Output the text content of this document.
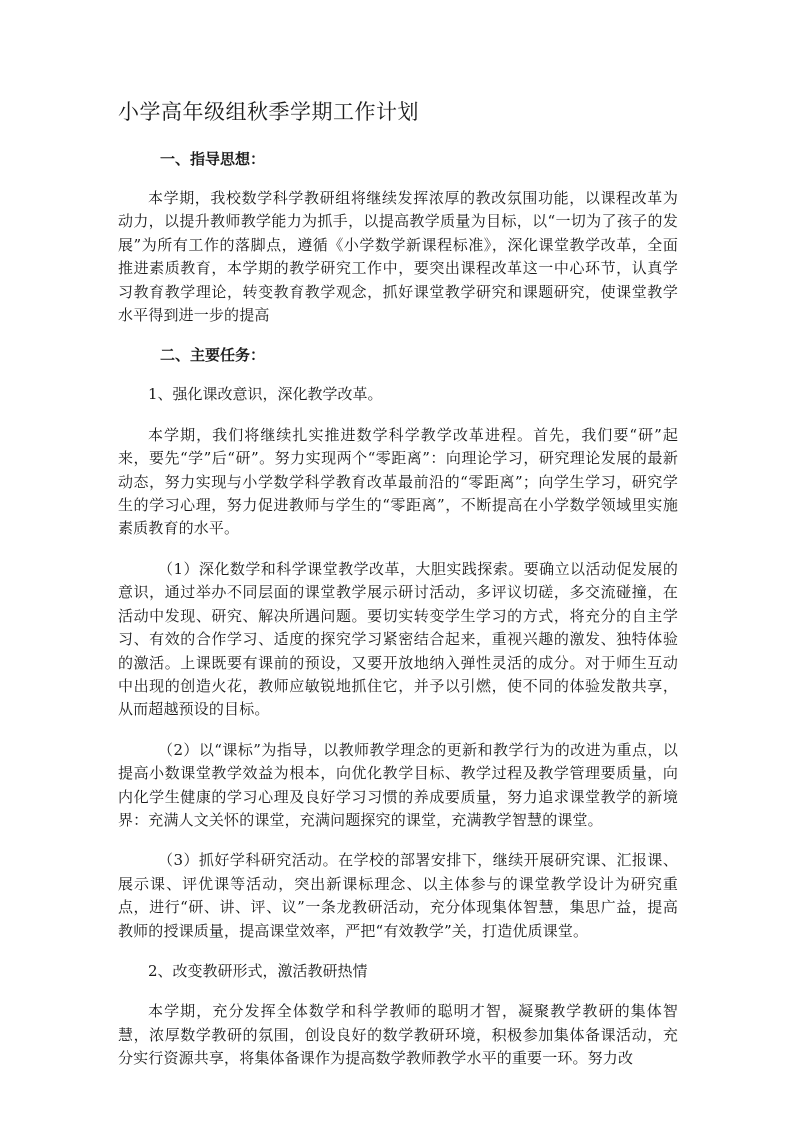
小学高年级组秋季学期工作计划

一、指导思想：

本学期，我校数学科学教研组将继续发挥浓厚的教改氛围功能，以课程改革为动力，以提升教师教学能力为抓手，以提高教学质量为目标，以“一切为了孩子的发展”为所有工作的落脚点，遵循《小学数学新课程标准》，深化课堂教学改革，全面推进素质教育，本学期的教学研究工作中，要突出课程改革这一中心环节，认真学习教育教学理论，转变教育教学观念，抓好课堂教学研究和课题研究，使课堂教学水平得到进一步的提高

二、主要任务：

1、强化课改意识，深化教学改革。

本学期，我们将继续扎实推进数学科学教学改革进程。首先，我们要“研”起来，要先“学”后“研”。努力实现两个“零距离”：向理论学习，研究理论发展的最新动态，努力实现与小学数学科学教育改革最前沿的“零距离”；向学生学习，研究学生的学习心理，努力促进教师与学生的“零距离”，不断提高在小学数学领域里实施素质教育的水平。

（1）深化数学和科学课堂教学改革，大胆实践探索。要确立以活动促发展的意识，通过举办不同层面的课堂教学展示研讨活动，多评议切磋，多交流碰撞，在活动中发现、研究、解决所遇问题。要切实转变学生学习的方式，将充分的自主学习、有效的合作学习、适度的探究学习紧密结合起来，重视兴趣的激发、独特体验的激活。上课既要有课前的预设，又要开放地纳入弹性灵活的成分。对于师生互动中出现的创造火花，教师应敏锐地抓住它，并予以引燃，使不同的体验发散共享，从而超越预设的目标。

（2）以“课标”为指导，以教师教学理念的更新和教学行为的改进为重点，以提高小数课堂教学效益为根本，向优化教学目标、教学过程及教学管理要质量，向内化学生健康的学习心理及良好学习习惯的养成要质量，努力追求课堂教学的新境界：充满人文关怀的课堂，充满问题探究的课堂，充满教学智慧的课堂。

（3）抓好学科研究活动。在学校的部署安排下，继续开展研究课、汇报课、展示课、评优课等活动，突出新课标理念、以主体参与的课堂教学设计为研究重点，进行“研、讲、评、议”一条龙教研活动，充分体现集体智慧，集思广益，提高教师的授课质量，提高课堂效率，严把“有效教学”关，打造优质课堂。

2、改变教研形式，激活教研热情

本学期，充分发挥全体数学和科学教师的聪明才智，凝聚教学教研的集体智慧，浓厚数学教研的氛围，创设良好的数学教研环境，积极参加集体备课活动，充分实行资源共享，将集体备课作为提高数学教师教学水平的重要一环。努力改
